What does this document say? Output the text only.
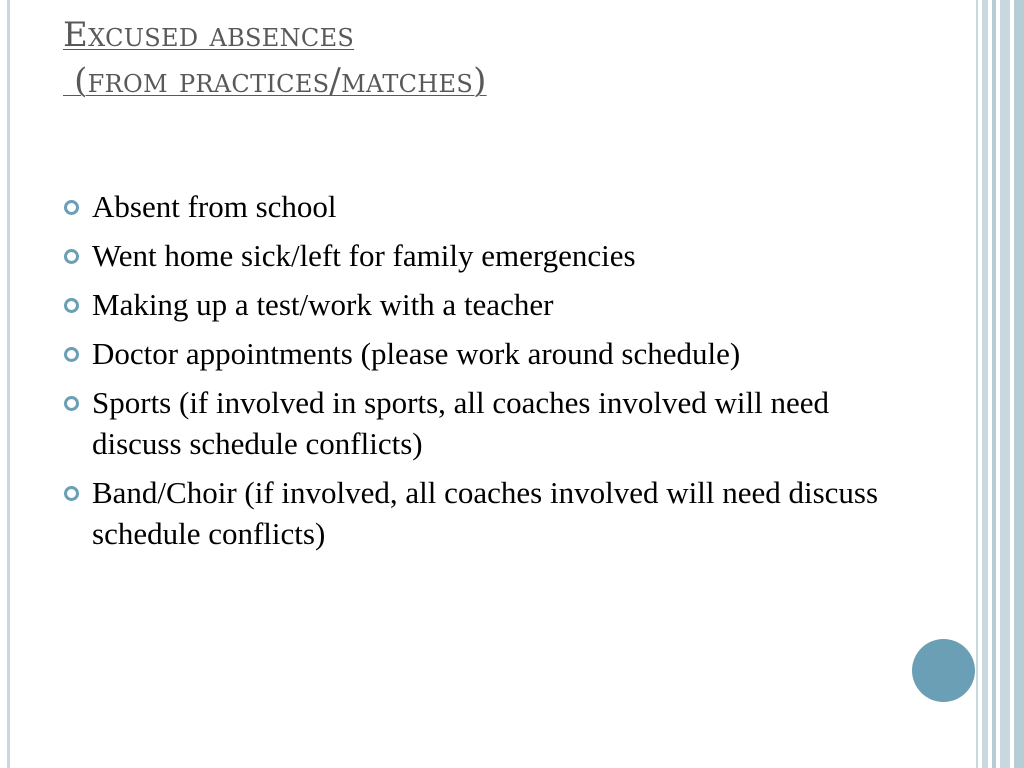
Excused absences
(from practices/matches)
Absent from school
Went home sick/left for family emergencies
Making up a test/work with a teacher
Doctor appointments (please work around schedule)
Sports (if involved in sports, all coaches involved will need discuss schedule conflicts)
Band/Choir (if involved, all coaches involved will need discuss schedule conflicts)
